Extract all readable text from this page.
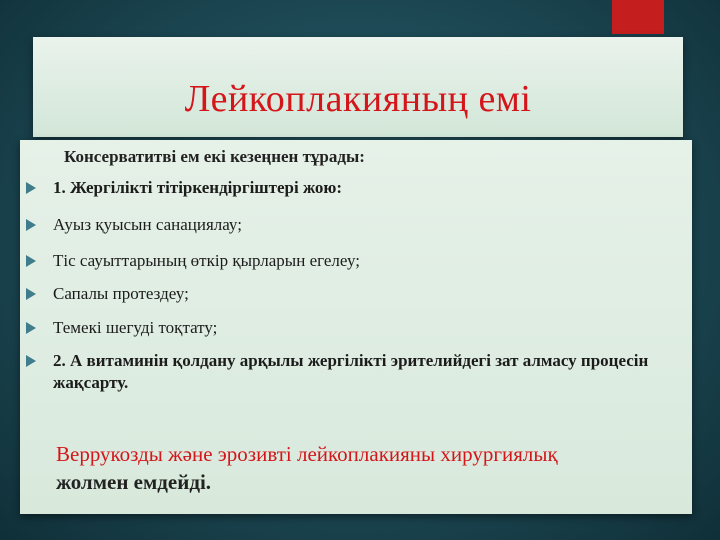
Лейкоплакияның емі
Консерватитві ем екі кезеңнен тұрады:
1. Жергілікті тітіркендіргіштері жою:
Ауыз қуысын санациялау;
Тіс сауыттарының өткір қырларын егелеу;
Сапалы протездеу;
Темекі шегуді тоқтату;
2. А витаминін қолдану арқылы жергілікті эрителийдегі зат алмасу процесін жақсарту.
Веррукозды және эрозивті лейкоплакияны хирургиялық
жолмен емдейді.
